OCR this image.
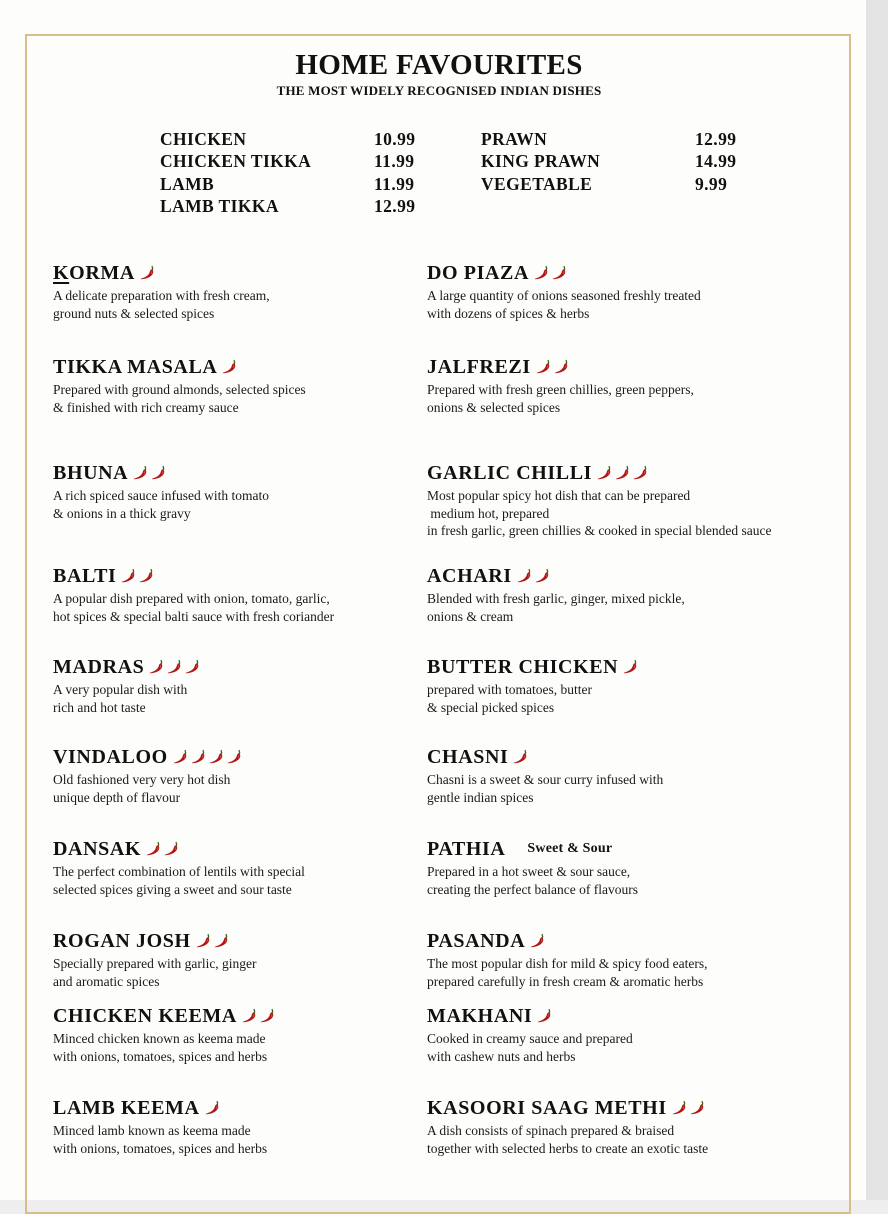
HOME FAVOURITES
THE MOST WIDELY RECOGNISED INDIAN DISHES
CHICKEN	10.99
CHICKEN TIKKA	11.99
LAMB	11.99
LAMB TIKKA	12.99
PRAWN	12.99
KING PRAWN	14.99
VEGETABLE	9.99
KORMA
A delicate preparation with fresh cream,
ground nuts & selected spices
TIKKA MASALA
Prepared with ground almonds, selected spices
& finished with rich creamy sauce
BHUNA
A rich spiced sauce infused with tomato
& onions in a thick gravy
BALTI
A popular dish prepared with onion, tomato, garlic,
hot spices & special balti sauce with fresh coriander
MADRAS
A very popular dish with
rich and hot taste
VINDALOO
Old fashioned very very hot dish
unique depth of flavour
DANSAK
The perfect combination of lentils with special
selected spices giving a sweet and sour taste
ROGAN JOSH
Specially prepared with garlic, ginger
and aromatic spices
CHICKEN KEEMA
Minced chicken known as keema made
with onions, tomatoes, spices and herbs
LAMB KEEMA
Minced lamb known as keema made
with onions, tomatoes, spices and herbs
DO PIAZA
A large quantity of onions seasoned freshly treated
with dozens of spices & herbs
JALFREZI
Prepared with fresh green chillies, green peppers,
onions & selected spices
GARLIC CHILLI
Most popular spicy hot dish that can be prepared
medium hot, prepared
in fresh garlic, green chillies & cooked in special blended sauce
ACHARI
Blended with fresh garlic, ginger, mixed pickle,
onions & cream
BUTTER CHICKEN
prepared with tomatoes, butter
& special picked spices
CHASNI
Chasni is a sweet & sour curry infused with
gentle indian spices
PATHIA Sweet & Sour
Prepared in a hot sweet & sour sauce,
creating the perfect balance of flavours
PASANDA
The most popular dish for mild & spicy food eaters,
prepared carefully in fresh cream & aromatic herbs
MAKHANI
Cooked in creamy sauce and prepared
with cashew nuts and herbs
KASOORI SAAG METHI
A dish consists of spinach prepared & braised
together with selected herbs to create an exotic taste
